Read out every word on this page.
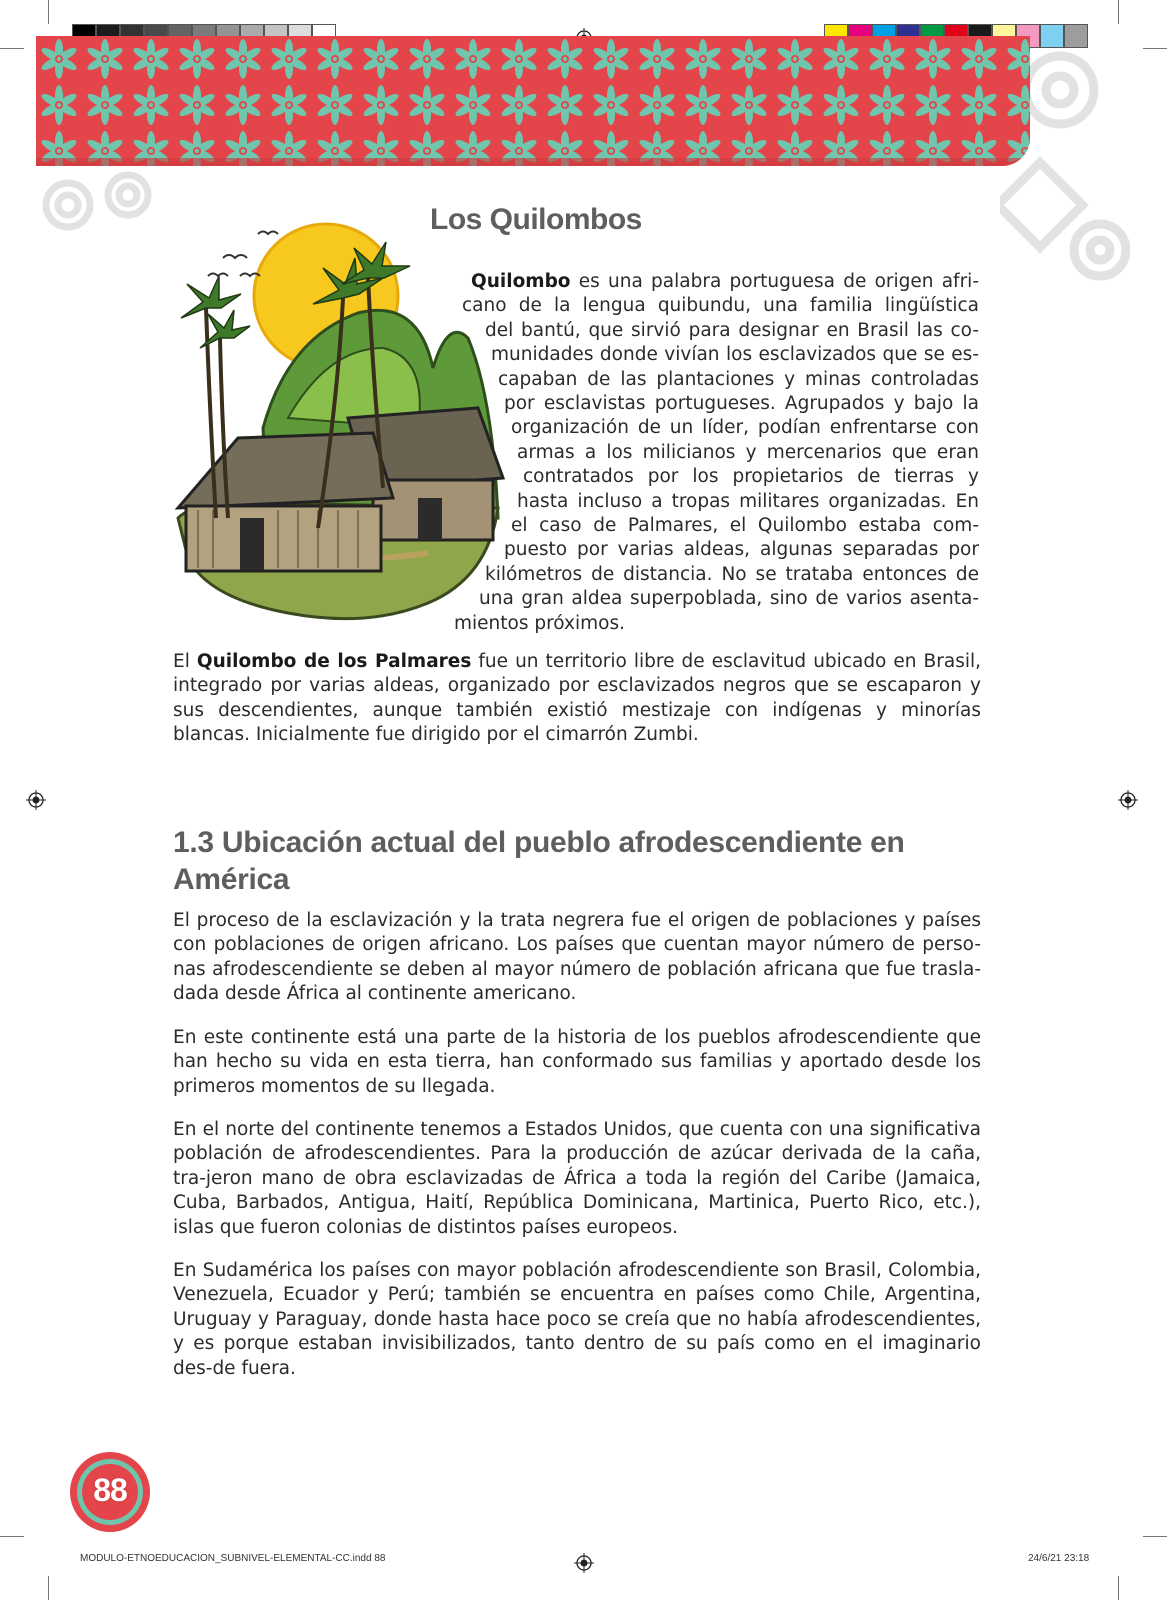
Los Quilombos
Quilombo es una palabra portuguesa de origen afri-
cano de la lengua quibundu, una familia lingüística
del bantú, que sirvió para designar en Brasil las co-
munidades donde vivían los esclavizados que se es-
capaban de las plantaciones y minas controladas
por esclavistas portugueses. Agrupados y bajo la
organización de un líder, podían enfrentarse con
armas a los milicianos y mercenarios que eran
contratados por los propietarios de tierras y
hasta incluso a tropas militares organizadas. En
el caso de Palmares, el Quilombo estaba com-
puesto por varias aldeas, algunas separadas por
kilómetros de distancia. No se trataba entonces de
una gran aldea superpoblada, sino de varios asenta-
mientos próximos.
El Quilombo de los Palmares fue un territorio libre de esclavitud ubicado en Brasil, integrado por varias aldeas, organizado por esclavizados negros que se escaparon y sus descendientes, aunque también existió mestizaje con indígenas y minorías blancas. Inicialmente fue dirigido por el cimarrón Zumbi.
1.3 Ubicación actual del pueblo afrodescendiente en América
El proceso de la esclavización y la trata negrera fue el origen de poblaciones y países con poblaciones de origen africano. Los países que cuentan mayor número de perso-nas afrodescendiente se deben al mayor número de población africana que fue trasla-dada desde África al continente americano.
En este continente está una parte de la historia de los pueblos afrodescendiente que han hecho su vida en esta tierra, han conformado sus familias y aportado desde los primeros momentos de su llegada.
En el norte del continente tenemos a Estados Unidos, que cuenta con una significativa población de afrodescendientes. Para la producción de azúcar derivada de la caña, tra-jeron mano de obra esclavizadas de África a toda la región del Caribe (Jamaica, Cuba, Barbados, Antigua, Haití, República Dominicana, Martinica, Puerto Rico, etc.), islas que fueron colonias de distintos países europeos.
En Sudamérica los países con mayor población afrodescendiente son Brasil, Colombia, Venezuela, Ecuador y Perú; también se encuentra en países como Chile, Argentina, Uruguay y Paraguay, donde hasta hace poco se creía que no había afrodescendientes, y es porque estaban invisibilizados, tanto dentro de su país como en el imaginario des-de fuera.
88
MODULO-ETNOEDUCACION_SUBNIVEL-ELEMENTAL-CC.indd 88	24/6/21 23:18
